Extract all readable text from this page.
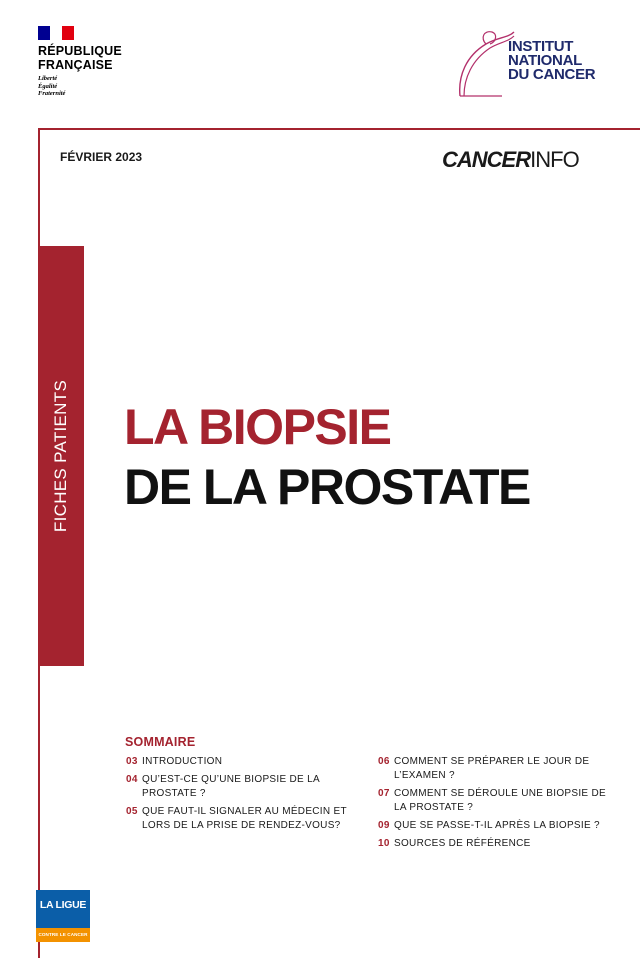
RÉPUBLIQUE
FRANÇAISE
Liberté
Égalité
Fraternité
INSTITUT
NATIONAL
DU CANCER
FÉVRIER 2023	CANCERINFO
FICHES PATIENTS LA BIOPSIE
DE LA PROSTATE
SOMMAIRE
03 INTRODUCTION
04 QU’EST-CE QU’UNE BIOPSIE DE LA PROSTATE ?
05 QUE FAUT-IL SIGNALER AU MÉDECIN ET LORS DE LA PRISE DE RENDEZ-VOUS?
06 COMMENT SE PRÉPARER LE JOUR DE L’EXAMEN ?
07 COMMENT SE DÉROULE UNE BIOPSIE DE LA PROSTATE ?
09 QUE SE PASSE-T-IL APRÈS LA BIOPSIE ?
10 SOURCES DE RÉFÉRENCE
LA LIGUE
CONTRE LE CANCER
